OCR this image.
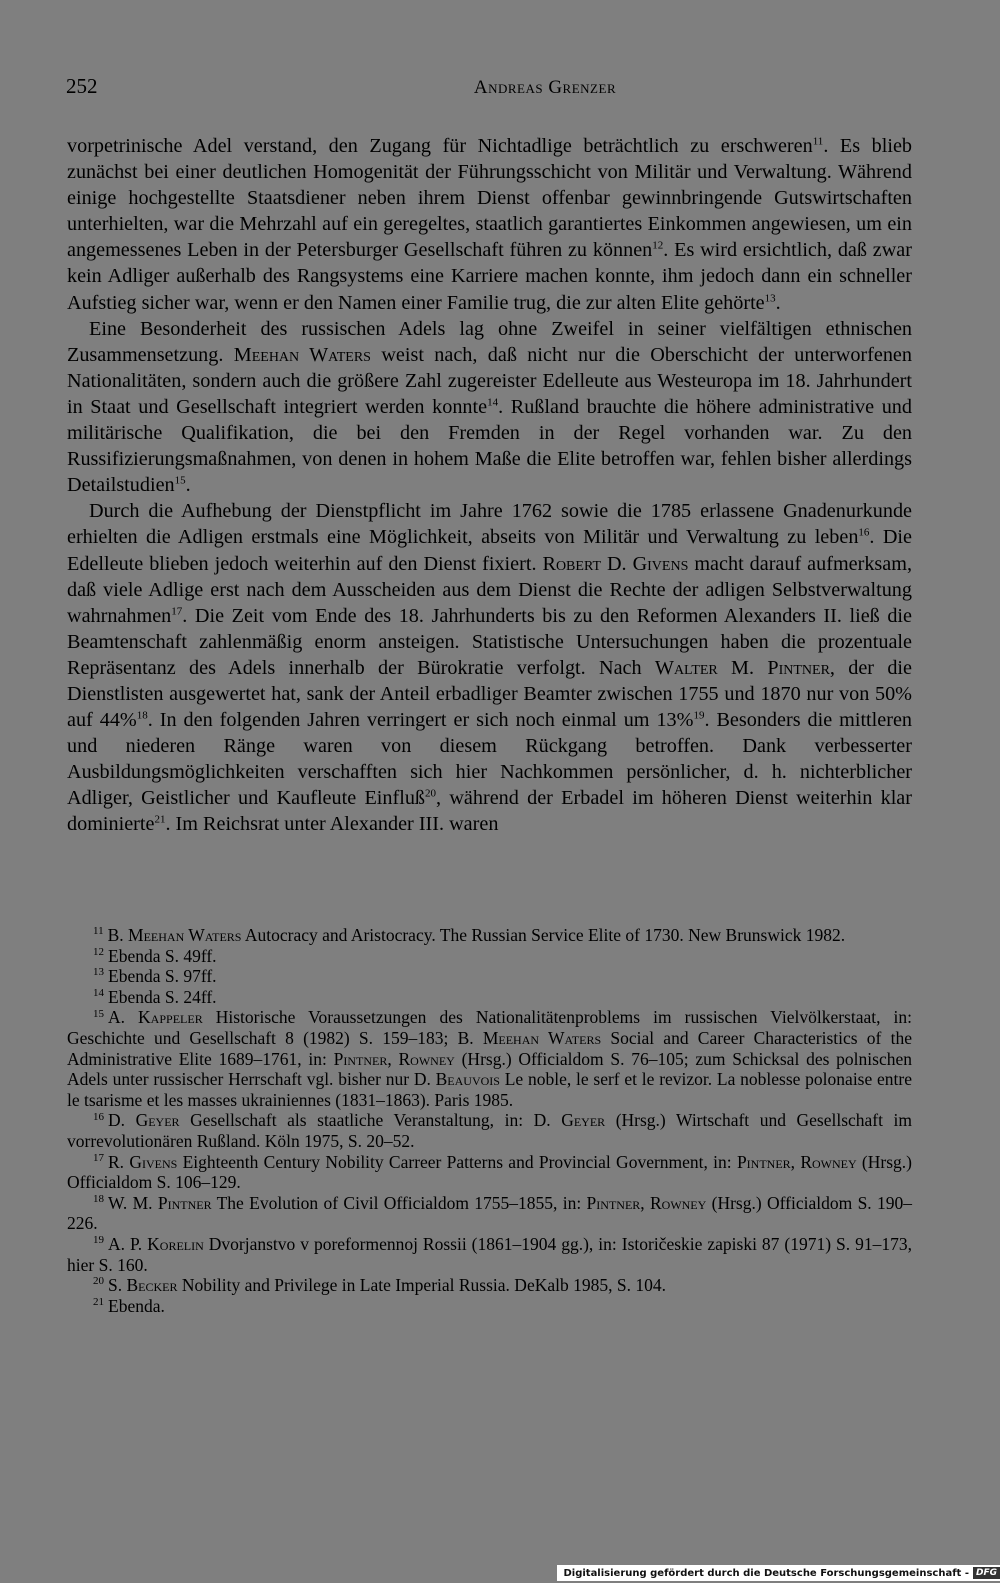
252	Andreas Grenzer

vorpetrinische Adel verstand, den Zugang für Nichtadlige beträchtlich zu erschweren$^{11}$. Es blieb zunächst bei einer deutlichen Homogenität der Führungsschicht von Militär und Verwaltung. Während einige hochgestellte Staatsdiener neben ihrem Dienst offenbar gewinnbringende Gutswirtschaften unterhielten, war die Mehrzahl auf ein geregeltes, staatlich garantiertes Einkommen angewiesen, um ein angemessenes Leben in der Petersburger Gesellschaft führen zu können$^{12}$. Es wird ersichtlich, daß zwar kein Adliger außerhalb des Rangsystems eine Karriere machen konnte, ihm jedoch dann ein schneller Aufstieg sicher war, wenn er den Namen einer Familie trug, die zur alten Elite gehörte$^{13}$.

Eine Besonderheit des russischen Adels lag ohne Zweifel in seiner vielfältigen ethnischen Zusammensetzung. Meehan Waters weist nach, daß nicht nur die Oberschicht der unterworfenen Nationalitäten, sondern auch die größere Zahl zugereister Edelleute aus Westeuropa im 18. Jahrhundert in Staat und Gesellschaft integriert werden konnte$^{14}$. Rußland brauchte die höhere administrative und militärische Qualifikation, die bei den Fremden in der Regel vorhanden war. Zu den Russifizierungsmaßnahmen, von denen in hohem Maße die Elite betroffen war, fehlen bisher allerdings Detailstudien$^{15}$.

Durch die Aufhebung der Dienstpflicht im Jahre 1762 sowie die 1785 erlassene Gnadenurkunde erhielten die Adligen erstmals eine Möglichkeit, abseits von Militär und Verwaltung zu leben$^{16}$. Die Edelleute blieben jedoch weiterhin auf den Dienst fixiert. Robert D. Givens macht darauf aufmerksam, daß viele Adlige erst nach dem Ausscheiden aus dem Dienst die Rechte der adligen Selbstverwaltung wahrnahmen$^{17}$. Die Zeit vom Ende des 18. Jahrhunderts bis zu den Reformen Alexanders II. ließ die Beamtenschaft zahlenmäßig enorm ansteigen. Statistische Untersuchungen haben die prozentuale Repräsentanz des Adels innerhalb der Bürokratie verfolgt. Nach Walter M. Pintner, der die Dienstlisten ausgewertet hat, sank der Anteil erbadliger Beamter zwischen 1755 und 1870 nur von 50% auf 44%$^{18}$. In den folgenden Jahren verringert er sich noch einmal um 13%$^{19}$. Besonders die mittleren und niederen Ränge waren von diesem Rückgang betroffen. Dank verbesserter Ausbildungsmöglichkeiten verschafften sich hier Nachkommen persönlicher, d. h. nichterblicher Adliger, Geistlicher und Kaufleute Einfluß$^{20}$, während der Erbadel im höheren Dienst weiterhin klar dominierte$^{21}$. Im Reichsrat unter Alexander III. waren

$^{11}$ B. Meehan Waters Autocracy and Aristocracy. The Russian Service Elite of 1730. New Brunswick 1982.

$^{12}$ Ebenda S. 49ff.

$^{13}$ Ebenda S. 97ff.

$^{14}$ Ebenda S. 24ff.

$^{15}$ A. Kappeler Historische Voraussetzungen des Nationalitätenproblems im russischen Vielvölkerstaat, in: Geschichte und Gesellschaft 8 (1982) S. 159–183; B. Meehan Waters Social and Career Characteristics of the Administrative Elite 1689–1761, in: Pintner, Rowney (Hrsg.) Officialdom S. 76–105; zum Schicksal des polnischen Adels unter russischer Herrschaft vgl. bisher nur D. Beauvois Le noble, le serf et le revizor. La noblesse polonaise entre le tsarisme et les masses ukrainiennes (1831–1863). Paris 1985.

$^{16}$ D. Geyer Gesellschaft als staatliche Veranstaltung, in: D. Geyer (Hrsg.) Wirtschaft und Gesellschaft im vorrevolutionären Rußland. Köln 1975, S. 20–52.

$^{17}$ R. Givens Eighteenth Century Nobility Carreer Patterns and Provincial Government, in: Pintner, Rowney (Hrsg.) Officialdom S. 106–129.

$^{18}$ W. M. Pintner The Evolution of Civil Officialdom 1755–1855, in: Pintner, Rowney (Hrsg.) Officialdom S. 190–226.

$^{19}$ A. P. Korelin Dvorjanstvo v poreformennoj Rossii (1861–1904 gg.), in: Istoričeskie zapiski 87 (1971) S. 91–173, hier S. 160.

$^{20}$ S. Becker Nobility and Privilege in Late Imperial Russia. DeKalb 1985, S. 104.

$^{21}$ Ebenda.

Digitalisierung gefördert durch die Deutsche Forschungsgemeinschaft - DFG
